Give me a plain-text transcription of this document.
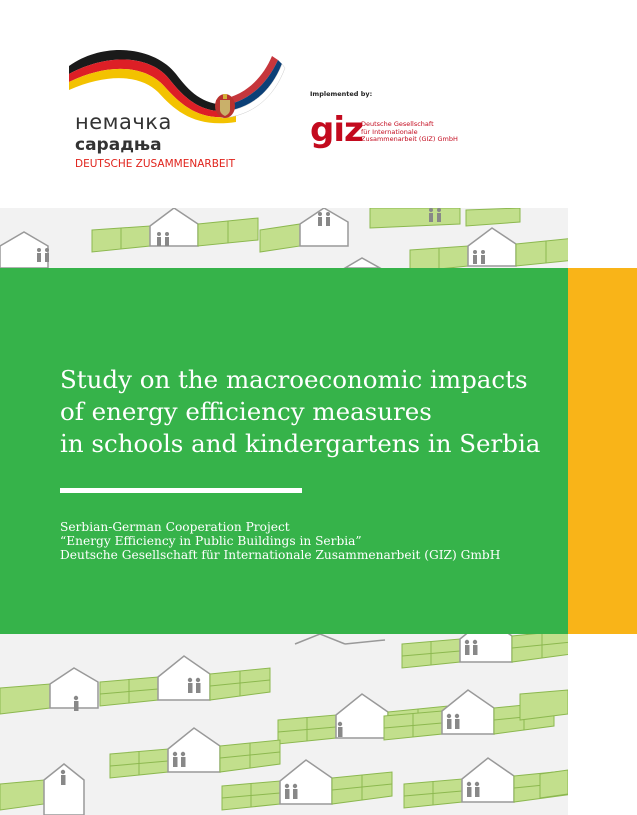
немачка
сарадња
DEUTSCHE ZUSAMMENARBEIT
Implemented by:
giz
Deutsche Gesellschaft
für Internationale
Zusammenarbeit (GIZ) GmbH
Study on the macroeconomic impacts
of energy efficiency measures
in schools and kindergartens in Serbia
Serbian-German Cooperation Project
“Energy Efficiency in Public Buildings in Serbia”
Deutsche Gesellschaft für Internationale Zusammenarbeit (GIZ) GmbH
